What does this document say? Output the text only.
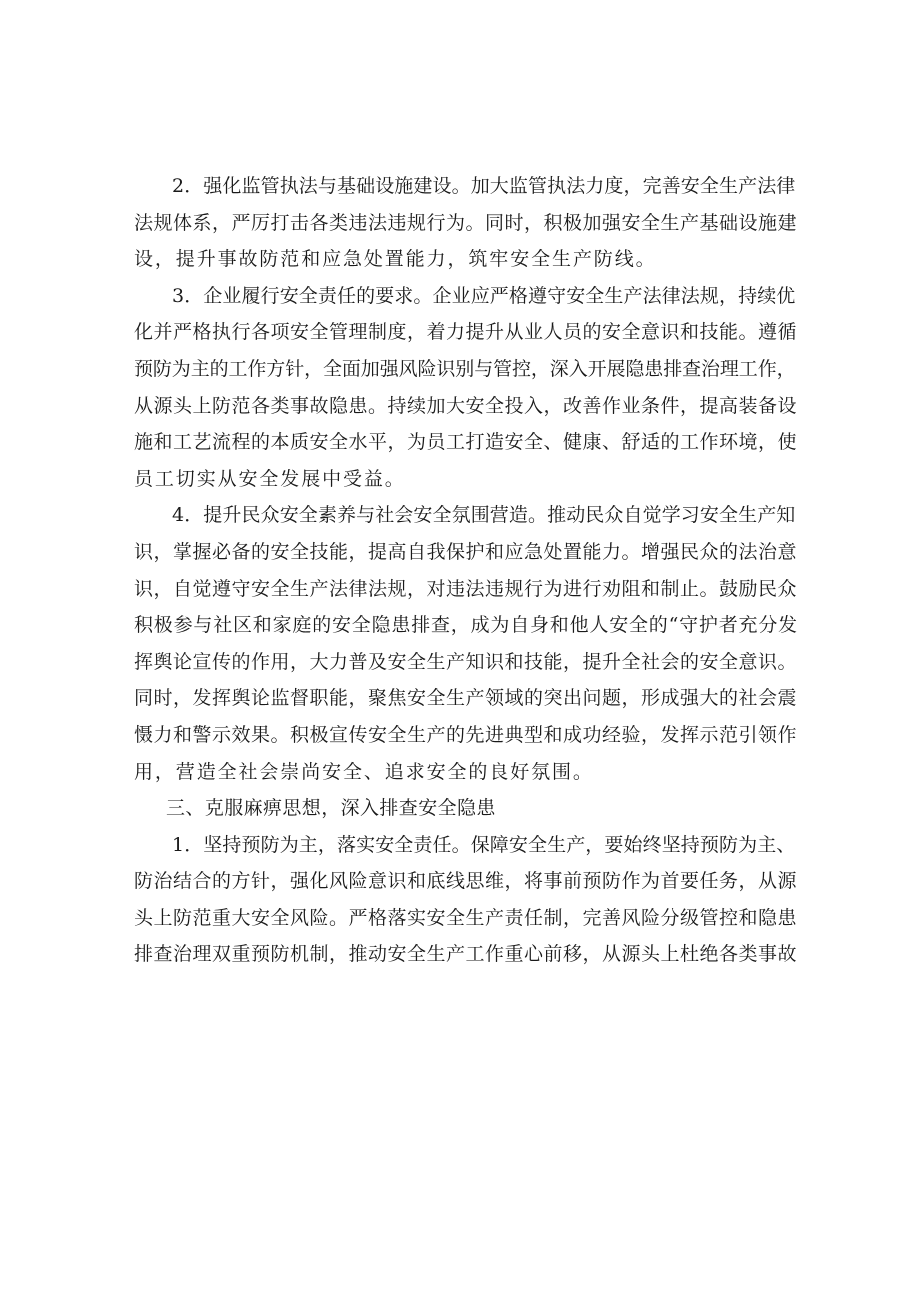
2．强化监管执法与基础设施建设。加大监管执法力度，完善安全生产法律
法规体系，严厉打击各类违法违规行为。同时，积极加强安全生产基础设施建
设，提升事故防范和应急处置能力，筑牢安全生产防线。

3．企业履行安全责任的要求。企业应严格遵守安全生产法律法规，持续优
化并严格执行各项安全管理制度，着力提升从业人员的安全意识和技能。遵循
预防为主的工作方针，全面加强风险识别与管控，深入开展隐患排查治理工作，
从源头上防范各类事故隐患。持续加大安全投入，改善作业条件，提高装备设
施和工艺流程的本质安全水平，为员工打造安全、健康、舒适的工作环境，使
员工切实从安全发展中受益。

4．提升民众安全素养与社会安全氛围营造。推动民众自觉学习安全生产知
识，掌握必备的安全技能，提高自我保护和应急处置能力。增强民众的法治意
识，自觉遵守安全生产法律法规，对违法违规行为进行劝阻和制止。鼓励民众
积极参与社区和家庭的安全隐患排查，成为自身和他人安全的“守护者充分发
挥舆论宣传的作用，大力普及安全生产知识和技能，提升全社会的安全意识。
同时，发挥舆论监督职能，聚焦安全生产领域的突出问题，形成强大的社会震
慑力和警示效果。积极宣传安全生产的先进典型和成功经验，发挥示范引领作
用，营造全社会崇尚安全、追求安全的良好氛围。

三、克服麻痹思想，深入排查安全隐患

1．坚持预防为主，落实安全责任。保障安全生产，要始终坚持预防为主、
防治结合的方针，强化风险意识和底线思维，将事前预防作为首要任务，从源
头上防范重大安全风险。严格落实安全生产责任制，完善风险分级管控和隐患
排查治理双重预防机制，推动安全生产工作重心前移，从源头上杜绝各类事故
